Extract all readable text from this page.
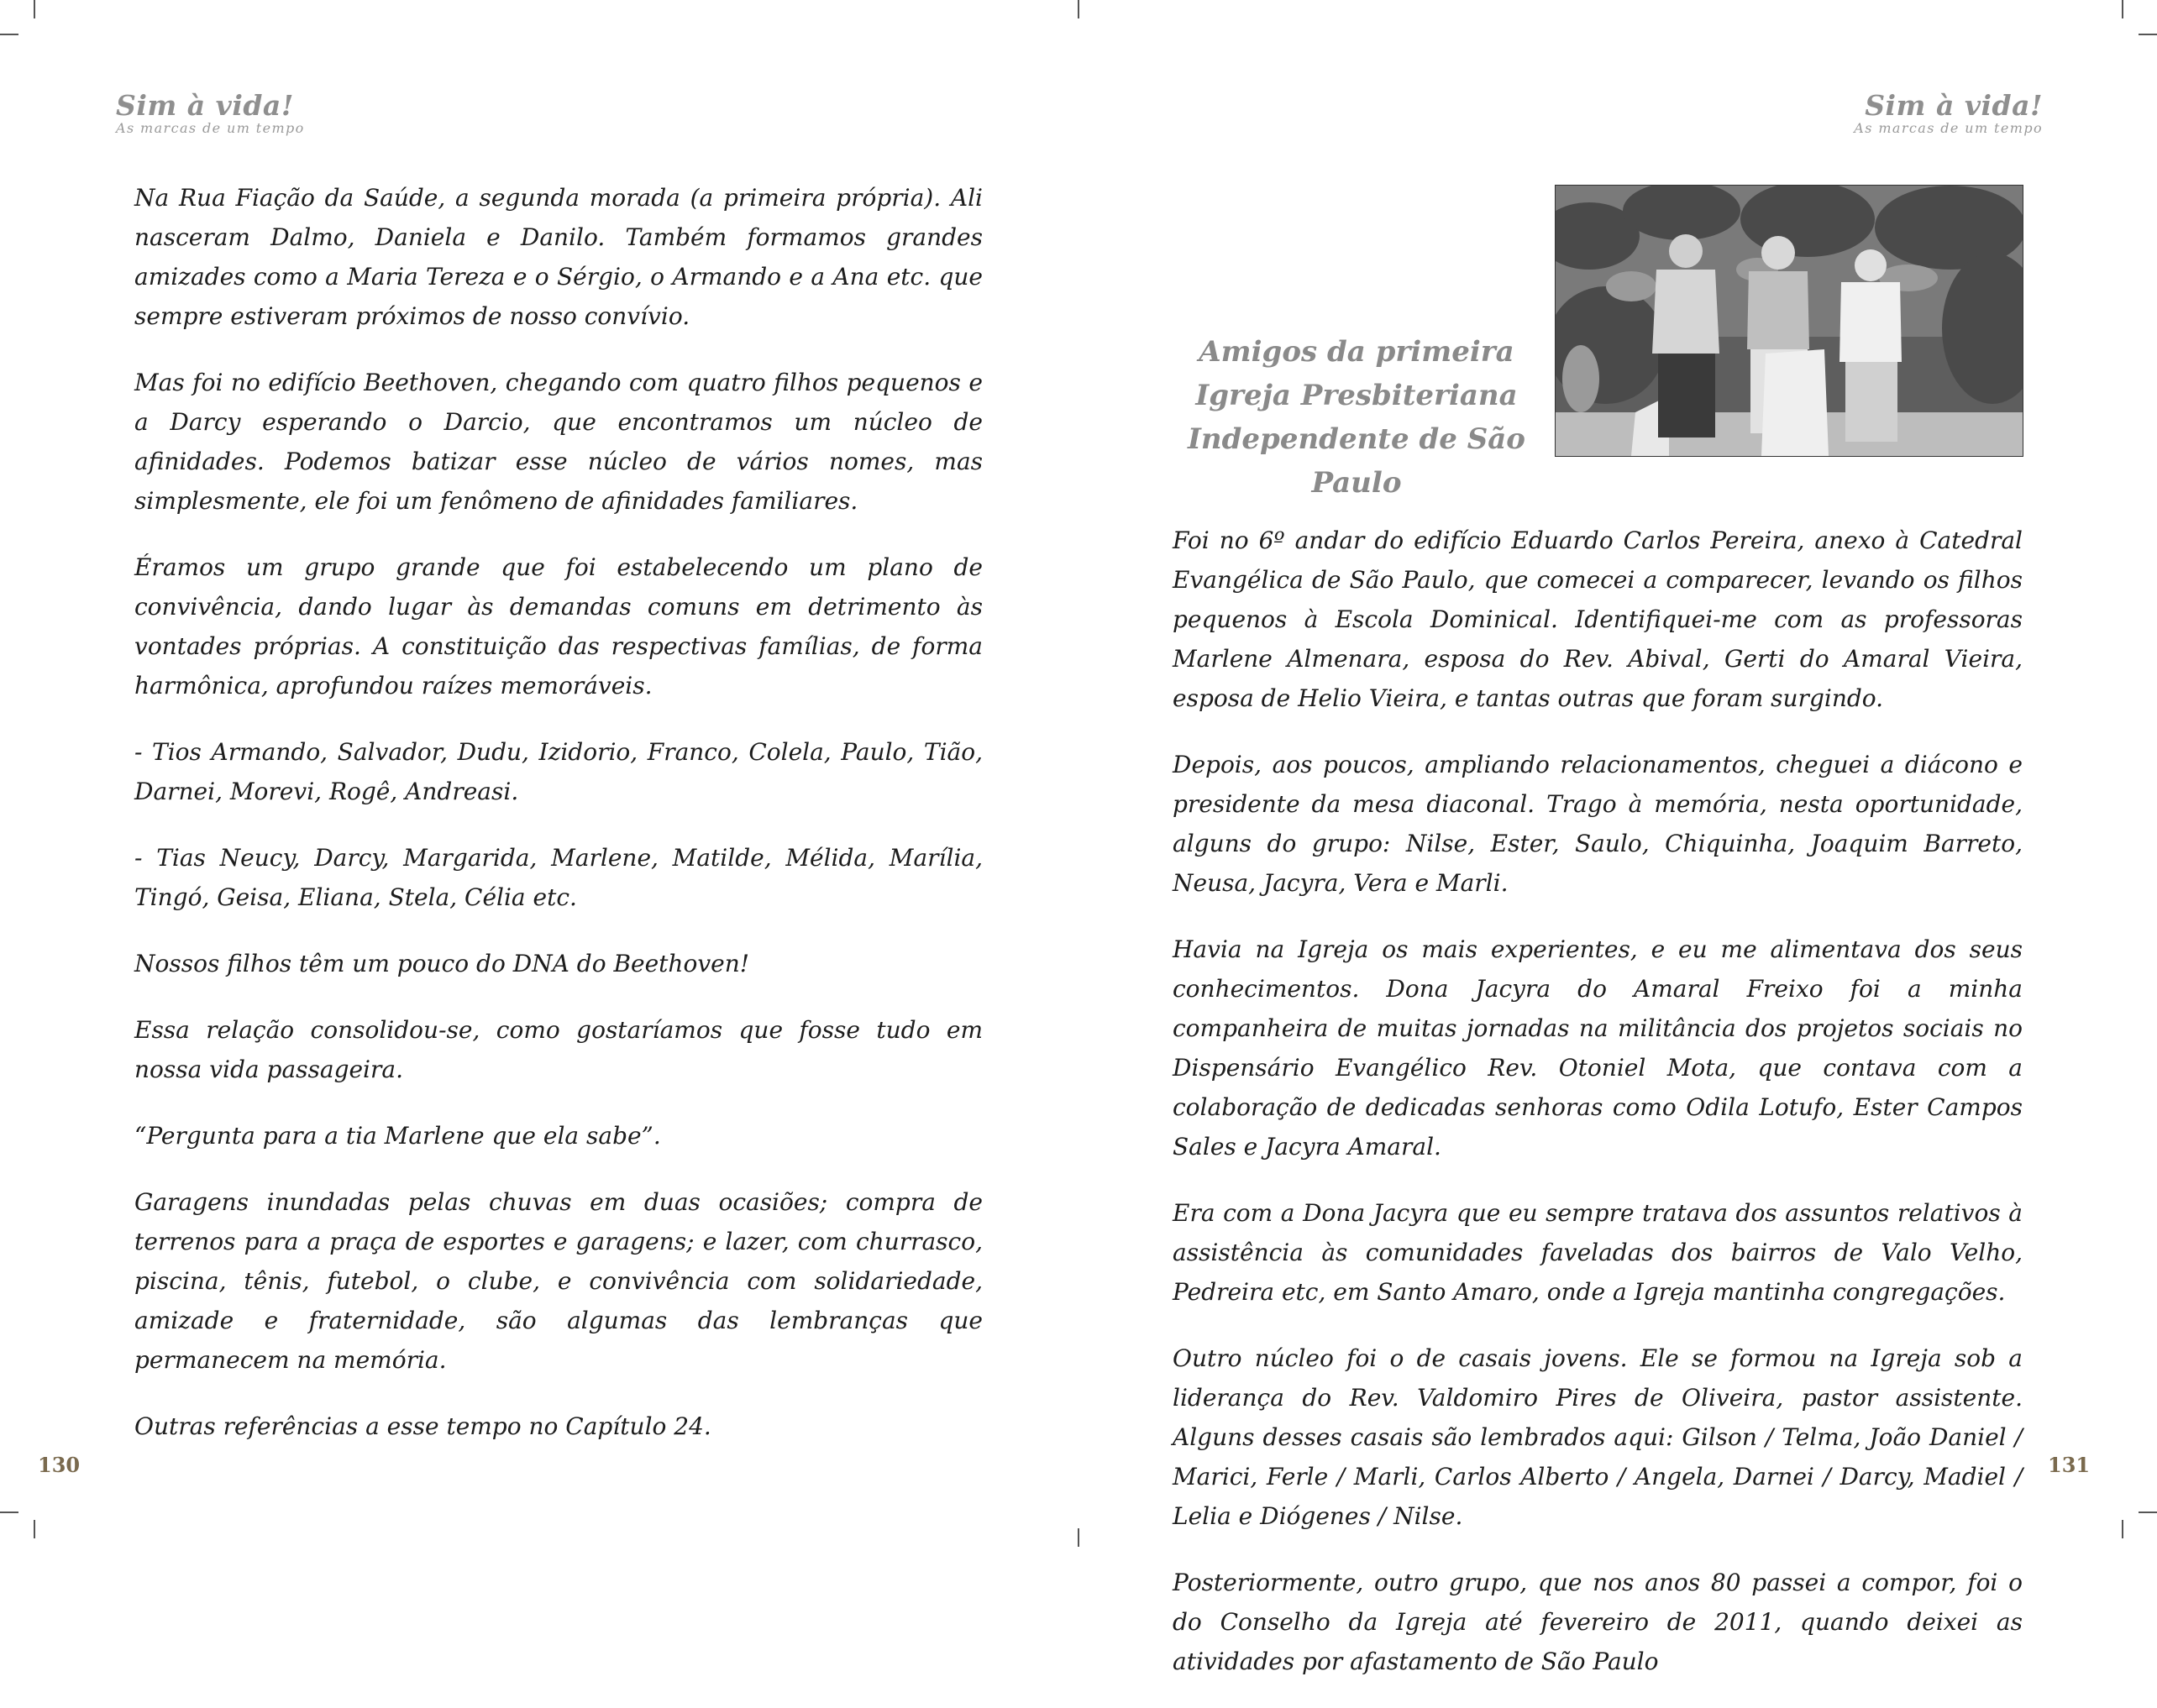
Sim à vida!
As marcas de um tempo

Na Rua Fiação da Saúde, a segunda morada (a primeira própria). Ali nasceram Dalmo, Daniela e Danilo. Também formamos grandes amizades como a Maria Tereza e o Sérgio, o Armando e a Ana etc. que sempre estiveram próximos de nosso convívio.

Mas foi no edifício Beethoven, chegando com quatro filhos pequenos e a Darcy esperando o Darcio, que encontramos um núcleo de afinidades. Podemos batizar esse núcleo de vários nomes, mas simplesmente, ele foi um fenômeno de afinidades familiares.

Éramos um grupo grande que foi estabelecendo um plano de convivência, dando lugar às demandas comuns em detrimento às vontades próprias. A constituição das respectivas famílias, de forma harmônica, aprofundou raízes memoráveis.

- Tios Armando, Salvador, Dudu, Izidorio, Franco, Colela, Paulo, Tião, Darnei, Morevi, Rogê, Andreasi.

- Tias Neucy, Darcy, Margarida, Marlene, Matilde, Mélida, Marília, Tingó, Geisa, Eliana, Stela, Célia etc.

Nossos filhos têm um pouco do DNA do Beethoven!

Essa relação consolidou-se, como gostaríamos que fosse tudo em nossa vida passageira.

“Pergunta para a tia Marlene que ela sabe”.

Garagens inundadas pelas chuvas em duas ocasiões; compra de terrenos para a praça de esportes e garagens; e lazer, com churrasco, piscina, tênis, futebol, o clube, e convivência com solidariedade, amizade e fraternidade, são algumas das lembranças que permanecem na memória.

Outras referências a esse tempo no Capítulo 24.

130
Sim à vida!
As marcas de um tempo
Amigos da primeira
Igreja Presbiteriana
Independente de São Paulo

Foi no 6º andar do edifício Eduardo Carlos Pereira, anexo à Catedral Evangélica de São Paulo, que comecei a comparecer, levando os filhos pequenos à Escola Dominical. Identifiquei-me com as professoras Marlene Almenara, esposa do Rev. Abival, Gerti do Amaral Vieira, esposa de Helio Vieira, e tantas outras que foram surgindo.

Depois, aos poucos, ampliando relacionamentos, cheguei a diácono e presidente da mesa diaconal. Trago à memória, nesta oportunidade, alguns do grupo: Nilse, Ester, Saulo, Chiquinha, Joaquim Barreto, Neusa, Jacyra, Vera e Marli.

Havia na Igreja os mais experientes, e eu me alimentava dos seus conhecimentos. Dona Jacyra do Amaral Freixo foi a minha companheira de muitas jornadas na militância dos projetos sociais no Dispensário Evangélico Rev. Otoniel Mota, que contava com a colaboração de dedicadas senhoras como Odila Lotufo, Ester Campos Sales e Jacyra Amaral.

Era com a Dona Jacyra que eu sempre tratava dos assuntos relativos à assistência às comunidades faveladas dos bairros de Valo Velho, Pedreira etc, em Santo Amaro, onde a Igreja mantinha congregações.

Outro núcleo foi o de casais jovens. Ele se formou na Igreja sob a liderança do Rev. Valdomiro Pires de Oliveira, pastor assistente. Alguns desses casais são lembrados aqui: Gilson / Telma, João Daniel / Marici, Ferle / Marli, Carlos Alberto / Angela, Darnei / Darcy, Madiel / Lelia e Diógenes / Nilse.

Posteriormente, outro grupo, que nos anos 80 passei a compor, foi o do Conselho da Igreja até fevereiro de 2011, quando deixei as atividades por afastamento de São Paulo

131
